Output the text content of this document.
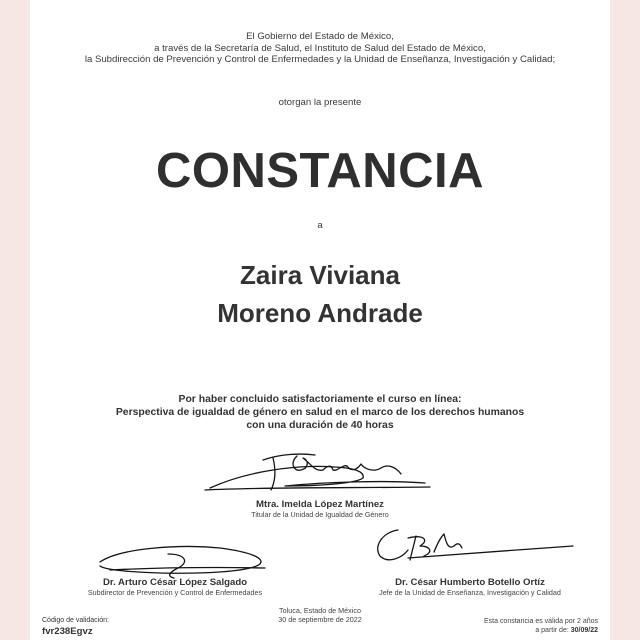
El Gobierno del Estado de México,
a través de la Secretaría de Salud, el Instituto de Salud del Estado de México,
la Subdirección de Prevención y Control de Enfermedades y la Unidad de Enseñanza, Investigación y Calidad;
otorgan la presente
CONSTANCIA
a
Zaira Viviana
Moreno Andrade
Por haber concluido satisfactoriamente el curso en línea:
Perspectiva de igualdad de género en salud en el marco de los derechos humanos
con una duración de 40 horas
Mtra. Imelda López Martínez
Titular de la Unidad de Igualdad de Género
Dr. Arturo César López Salgado
Subdirector de Prevención y Control de Enfermedades
Dr. César Humberto Botello Ortíz
Jefe de la Unidad de Enseñanza, Investigación y Calidad
Código de validación:
fvr238Egvz
Toluca, Estado de México
30 de septiembre de 2022	Esta constancia es válida por 2 años
a partir de: 30/09/22
